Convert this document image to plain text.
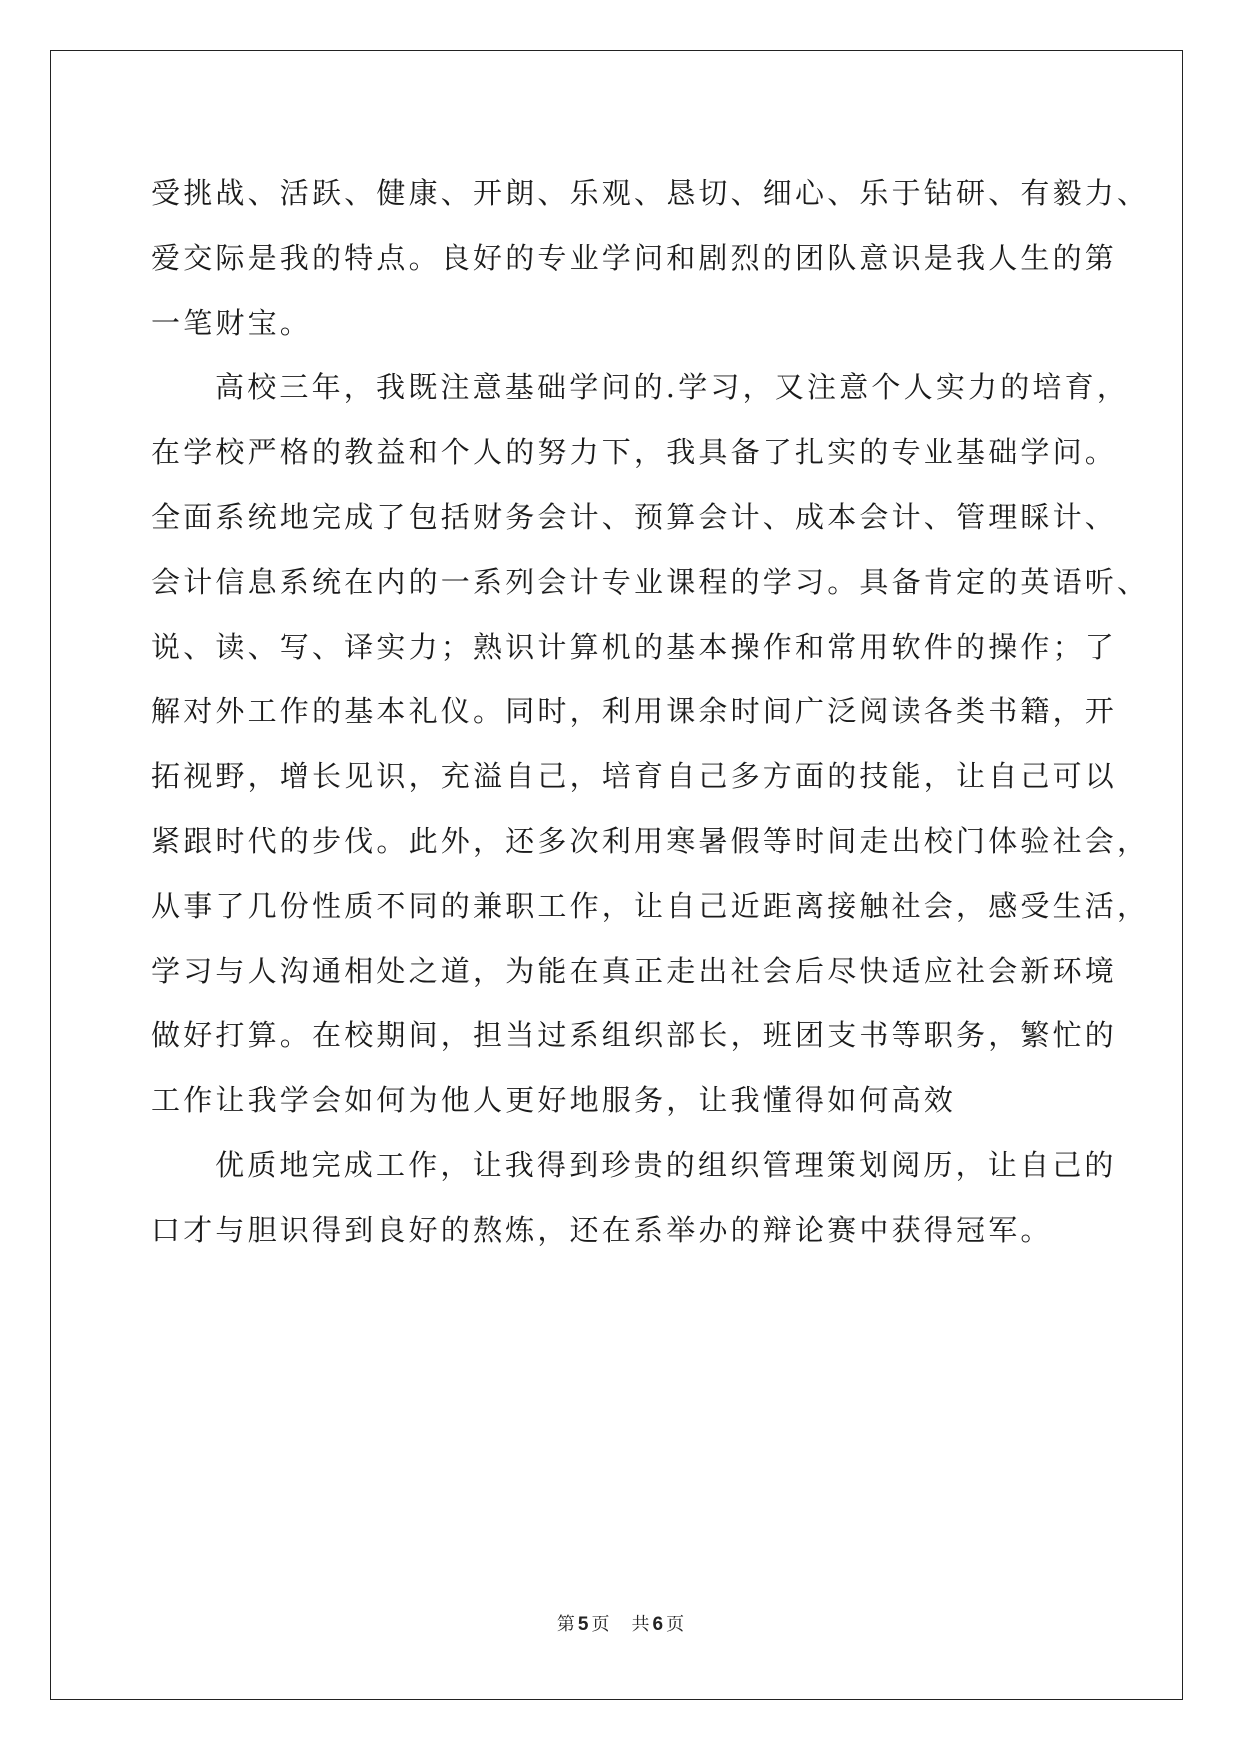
受挑战、活跃、健康、开朗、乐观、恳切、细心、乐于钻研、有毅力、
爱交际是我的特点。良好的专业学问和剧烈的团队意识是我人生的第
一笔财宝。
高校三年，我既注意基础学问的.学习，又注意个人实力的培育，
在学校严格的教益和个人的努力下，我具备了扎实的专业基础学问。
全面系统地完成了包括财务会计、预算会计、成本会计、管理睬计、
会计信息系统在内的一系列会计专业课程的学习。具备肯定的英语听、
说、读、写、译实力；熟识计算机的基本操作和常用软件的操作；了
解对外工作的基本礼仪。同时，利用课余时间广泛阅读各类书籍，开
拓视野，增长见识，充溢自己，培育自己多方面的技能，让自己可以
紧跟时代的步伐。此外，还多次利用寒暑假等时间走出校门体验社会，
从事了几份性质不同的兼职工作，让自己近距离接触社会，感受生活，
学习与人沟通相处之道，为能在真正走出社会后尽快适应社会新环境
做好打算。在校期间，担当过系组织部长，班团支书等职务，繁忙的
工作让我学会如何为他人更好地服务，让我懂得如何高效
优质地完成工作，让我得到珍贵的组织管理策划阅历，让自己的
口才与胆识得到良好的熬炼，还在系举办的辩论赛中获得冠军。
第 5 页 共 6 页
